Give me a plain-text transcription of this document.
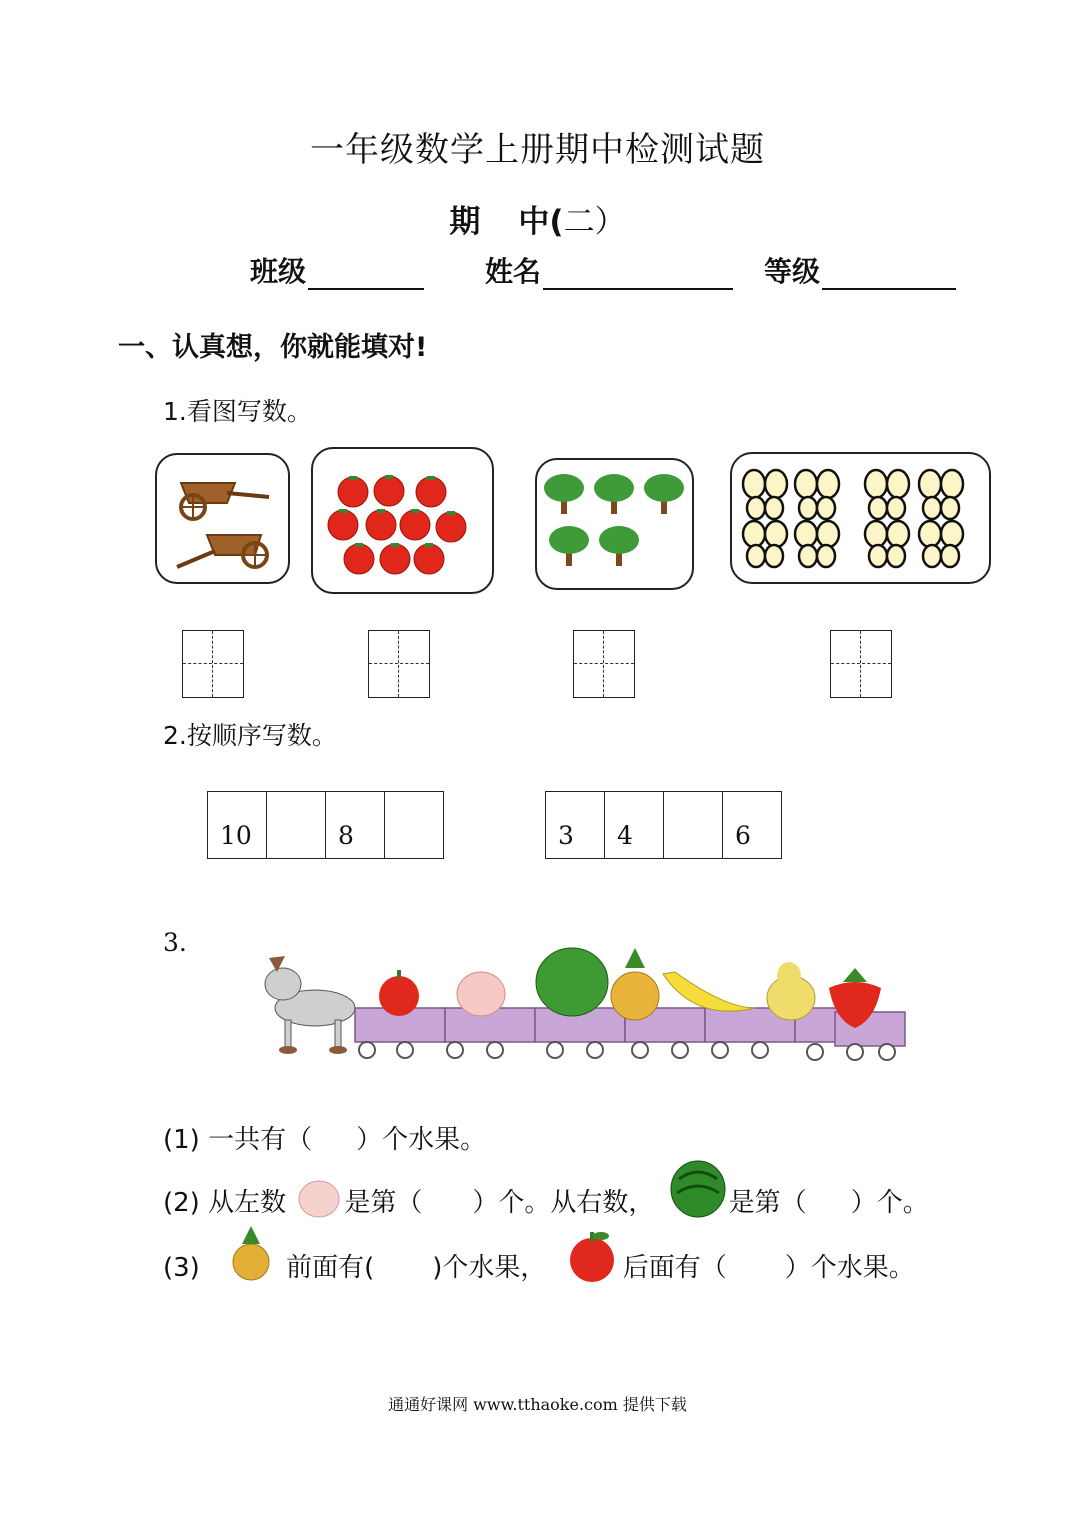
一年级数学上册期中检测试题
期 中(二）
班级	姓名	等级
一、认真想，你就能填对!
1.看图写数。
2.按顺序写数。
10	8	3 4	6
3.
(1) 一共有（ ）个水果。
(2) 从左数 是第（ ）个。从右数，	是第（ ）个。
(3)	前面有( )个水果，	后面有（ ）个水果。
通通好课网 www.tthaoke.com 提供下载
